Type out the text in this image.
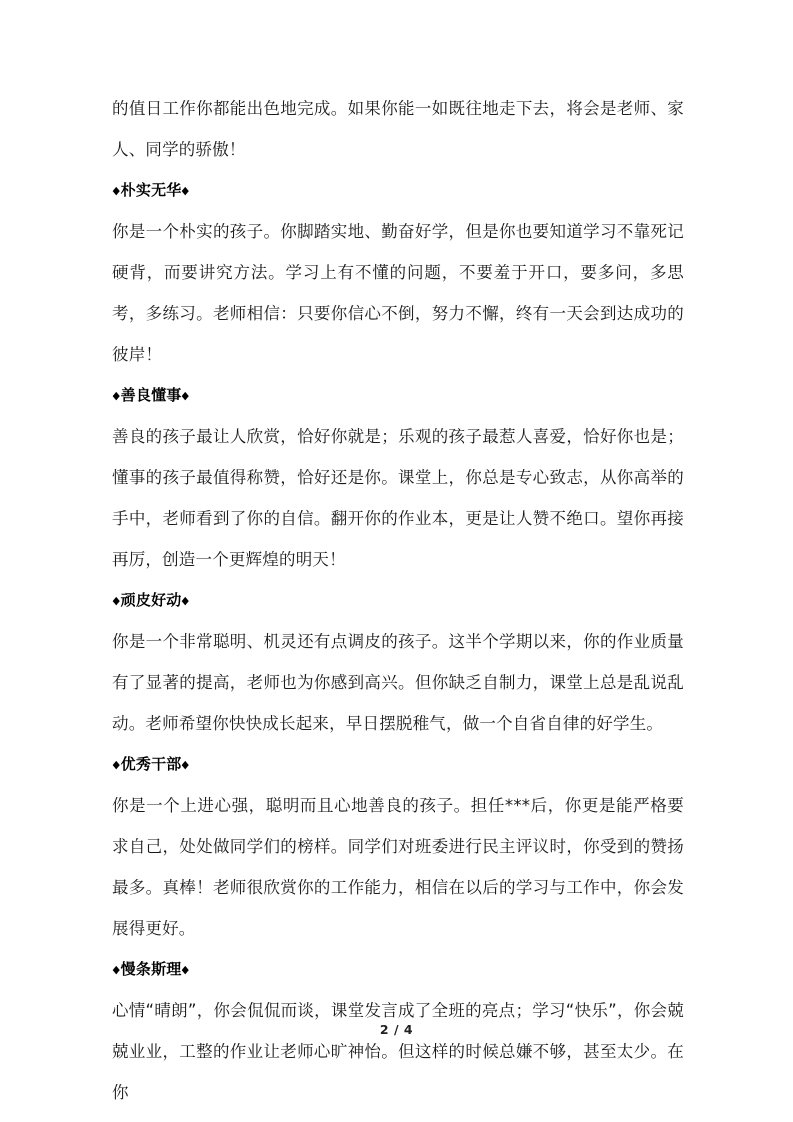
的值日工作你都能出色地完成。如果你能一如既往地走下去，将会是老师、家人、同学的骄傲！
◆朴实无华◆
你是一个朴实的孩子。你脚踏实地、勤奋好学，但是你也要知道学习不靠死记硬背，而要讲究方法。学习上有不懂的问题，不要羞于开口，要多问，多思考，多练习。老师相信：只要你信心不倒，努力不懈，终有一天会到达成功的彼岸！
◆善良懂事◆
善良的孩子最让人欣赏，恰好你就是；乐观的孩子最惹人喜爱，恰好你也是；懂事的孩子最值得称赞，恰好还是你。课堂上，你总是专心致志，从你高举的手中，老师看到了你的自信。翻开你的作业本，更是让人赞不绝口。望你再接再厉，创造一个更辉煌的明天！
◆顽皮好动◆
你是一个非常聪明、机灵还有点调皮的孩子。这半个学期以来，你的作业质量有了显著的提高，老师也为你感到高兴。但你缺乏自制力，课堂上总是乱说乱动。老师希望你快快成长起来，早日摆脱稚气，做一个自省自律的好学生。
◆优秀干部◆
你是一个上进心强，聪明而且心地善良的孩子。担任***后，你更是能严格要求自己，处处做同学们的榜样。同学们对班委进行民主评议时，你受到的赞扬最多。真棒！老师很欣赏你的工作能力，相信在以后的学习与工作中，你会发展得更好。
◆慢条斯理◆
心情“晴朗”，你会侃侃而谈，课堂发言成了全班的亮点；学习“快乐”，你会兢兢业业，工整的作业让老师心旷神怡。但这样的时候总嫌不够，甚至太少。在你
2 / 4
